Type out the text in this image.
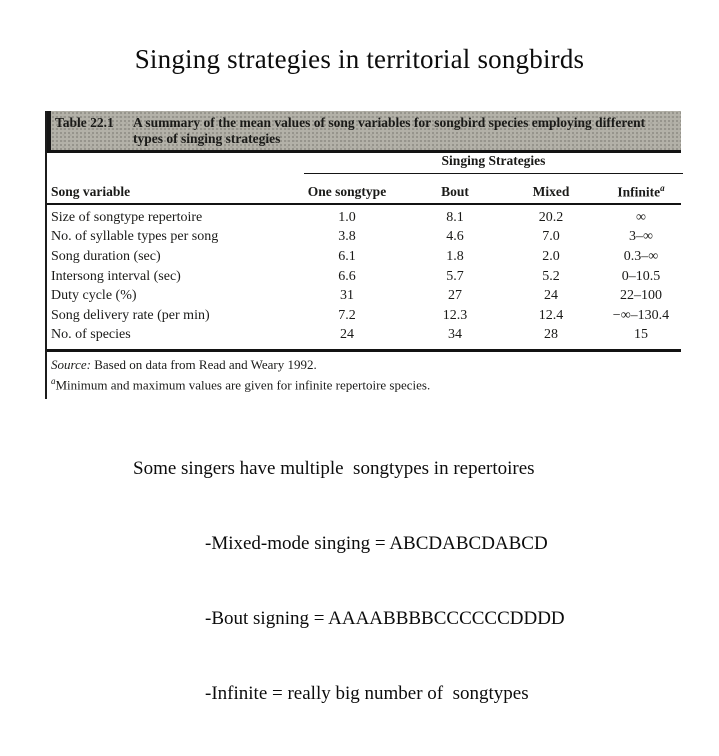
Singing strategies in territorial songbirds
Table 22.1	A summary of the mean values of song variables for songbird species employing different types of singing strategies
Singing Strategies
Song variable	One songtype	Bout	Mixed	Infinite$^a$
Size of songtype repertoire	1.0	8.1	20.2	∞
No. of syllable types per song	3.8	4.6	7.0	3–∞
Song duration (sec)	6.1	1.8	2.0	0.3–∞
Intersong interval (sec)	6.6	5.7	5.2	0–10.5
Duty cycle (%)	31	27	24	22–100
Song delivery rate (per min)	7.2	12.3	12.4	−∞–130.4
No. of species	24	34	28	15
Source: Based on data from Read and Weary 1992.
$^a$Minimum and maximum values are given for infinite repertoire species.

Some singers have multiple  songtypes in repertoires

-Mixed-mode singing = ABCDABCDABCD

-Bout signing = AAAABBBBCCCCCCDDDD

-Infinite = really big number of  songtypes
